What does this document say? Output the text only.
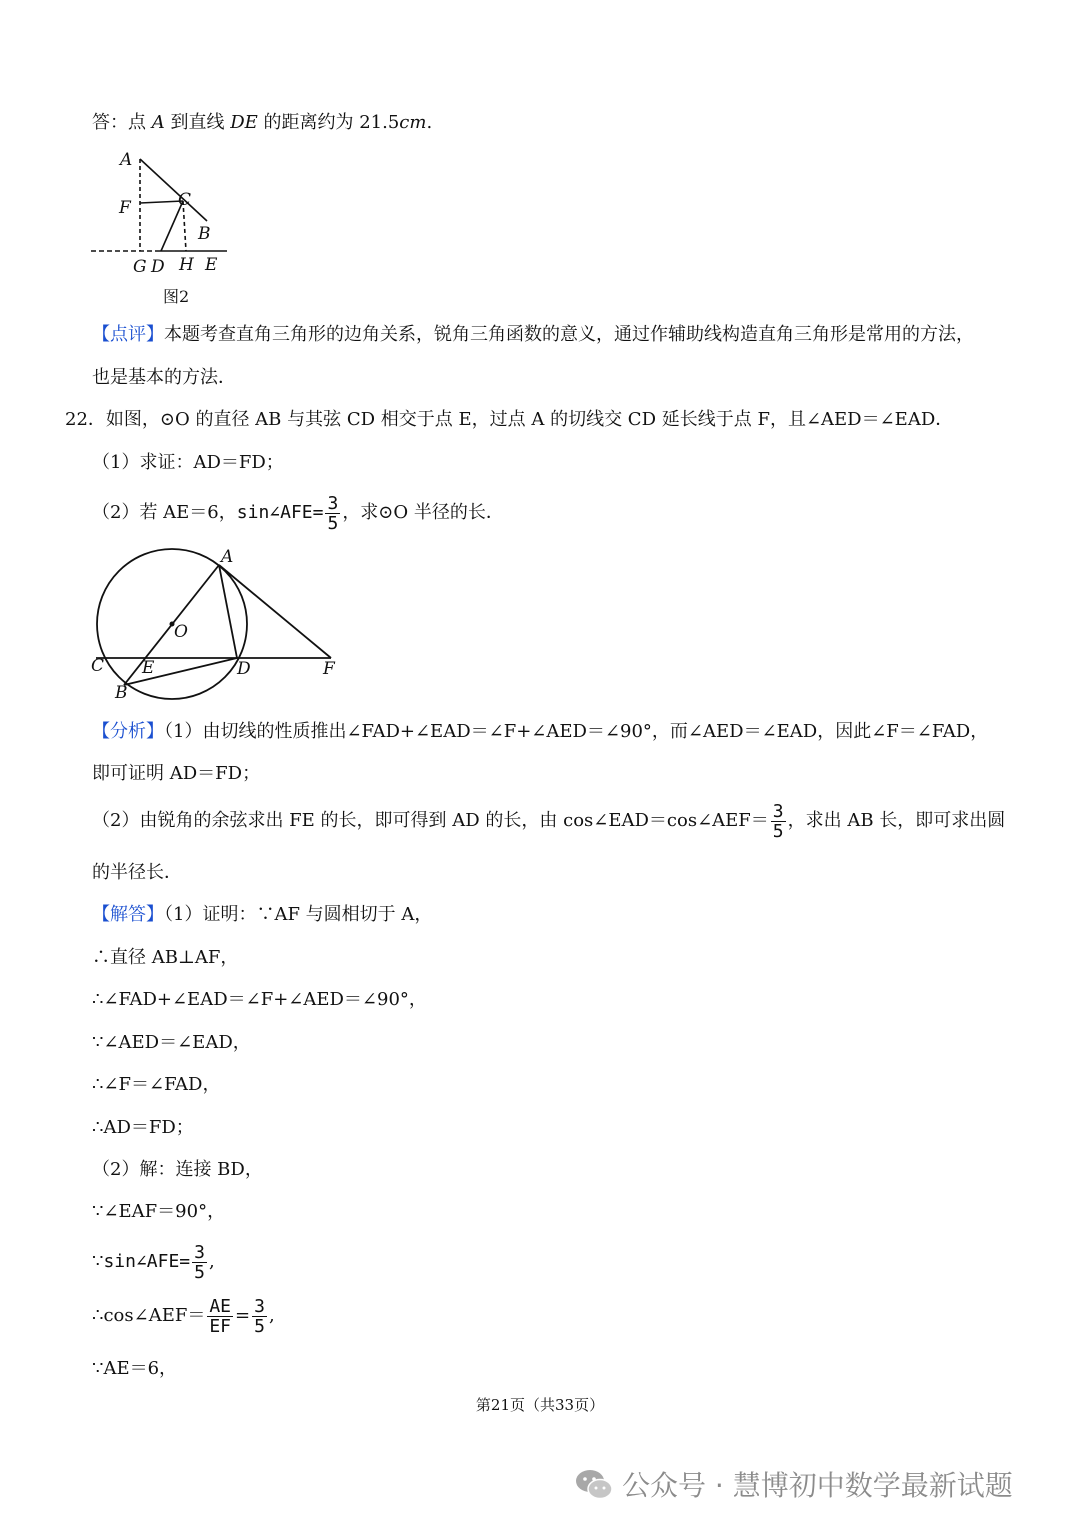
答：点 A 到直线 DE 的距离约为 21.5cm.
A
F	C
B
G D H E
图2
【点评】本题考查直角三角形的边角关系，锐角三角函数的意义，通过作辅助线构造直角三角形是常用的方法，
也是基本的方法．
22．如图，⊙O 的直径 AB 与其弦 CD 相交于点 E，过点 A 的切线交 CD 延长线于点 F，且∠AED＝∠EAD．
（1）求证：AD＝FD；
（2）若 AE＝6，sin∠AFE= $\frac{3}{5}$ ，求⊙O 半径的长．
A
O
C E	D	F
B
【分析】（1）由切线的性质推出∠FAD+∠EAD＝∠F+∠AED＝∠90°，而∠AED＝∠EAD，因此∠F＝∠FAD，
即可证明 AD＝FD；
（2）由锐角的余弦求出 FE 的长，即可得到 AD 的长，由 cos∠EAD＝cos∠AEF＝ $\frac{3}{5}$ ，求出 AB 长，即可求出圆
的半径长．
【解答】（1）证明：∵AF 与圆相切于 A，
∴直径 AB⊥AF，
∴∠FAD+∠EAD＝∠F+∠AED＝∠90°，
∵∠AED＝∠EAD，
∴∠F＝∠FAD，
∴AD＝FD；
（2）解：连接 BD，
∵∠EAF＝90°，
∵sin∠AFE= $\frac{3}{5}$ ,
∴cos∠AEF＝ $\frac{AE}{EF} = \frac{3}{5}$ ,
∵AE＝6，
第21页（共33页）
公众号 · 慧博初中数学最新试题
